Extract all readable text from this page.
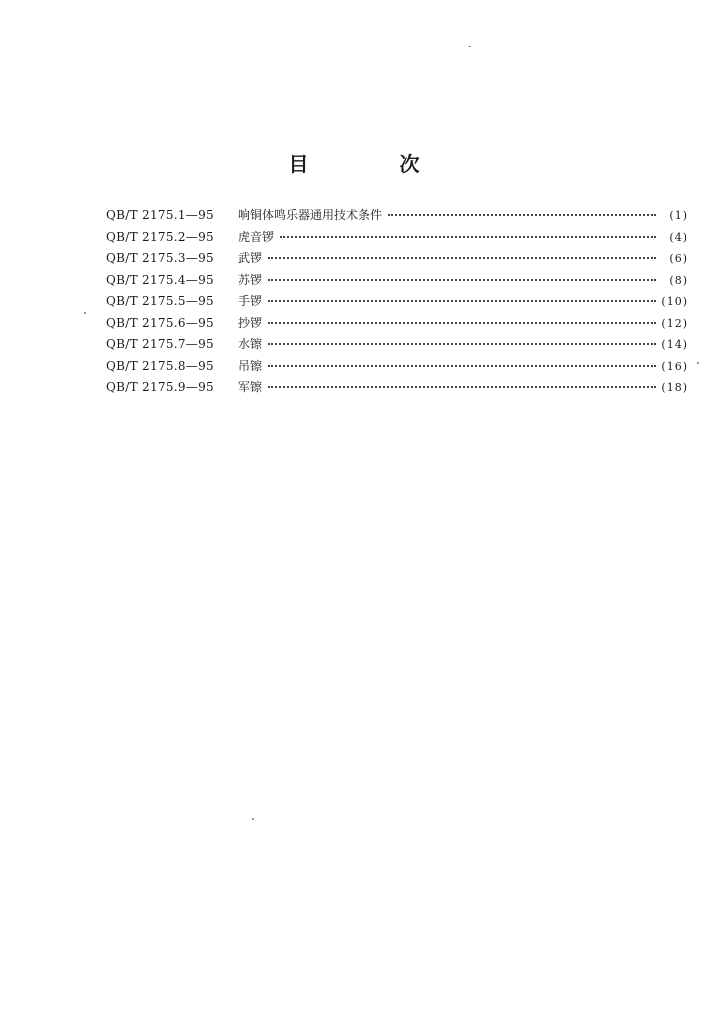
目 次
QB/T 2175.1—95	响铜体鸣乐器通用技术条件	(1)
QB/T 2175.2—95	虎音锣	(4)
QB/T 2175.3—95	武锣	(6)
QB/T 2175.4—95	苏锣	(8)
QB/T 2175.5—95	手锣	(10)
QB/T 2175.6—95	抄锣	(12)
QB/T 2175.7—95	水镲	(14)
QB/T 2175.8—95	吊镲	(16)
QB/T 2175.9—95	军镲	(18)
